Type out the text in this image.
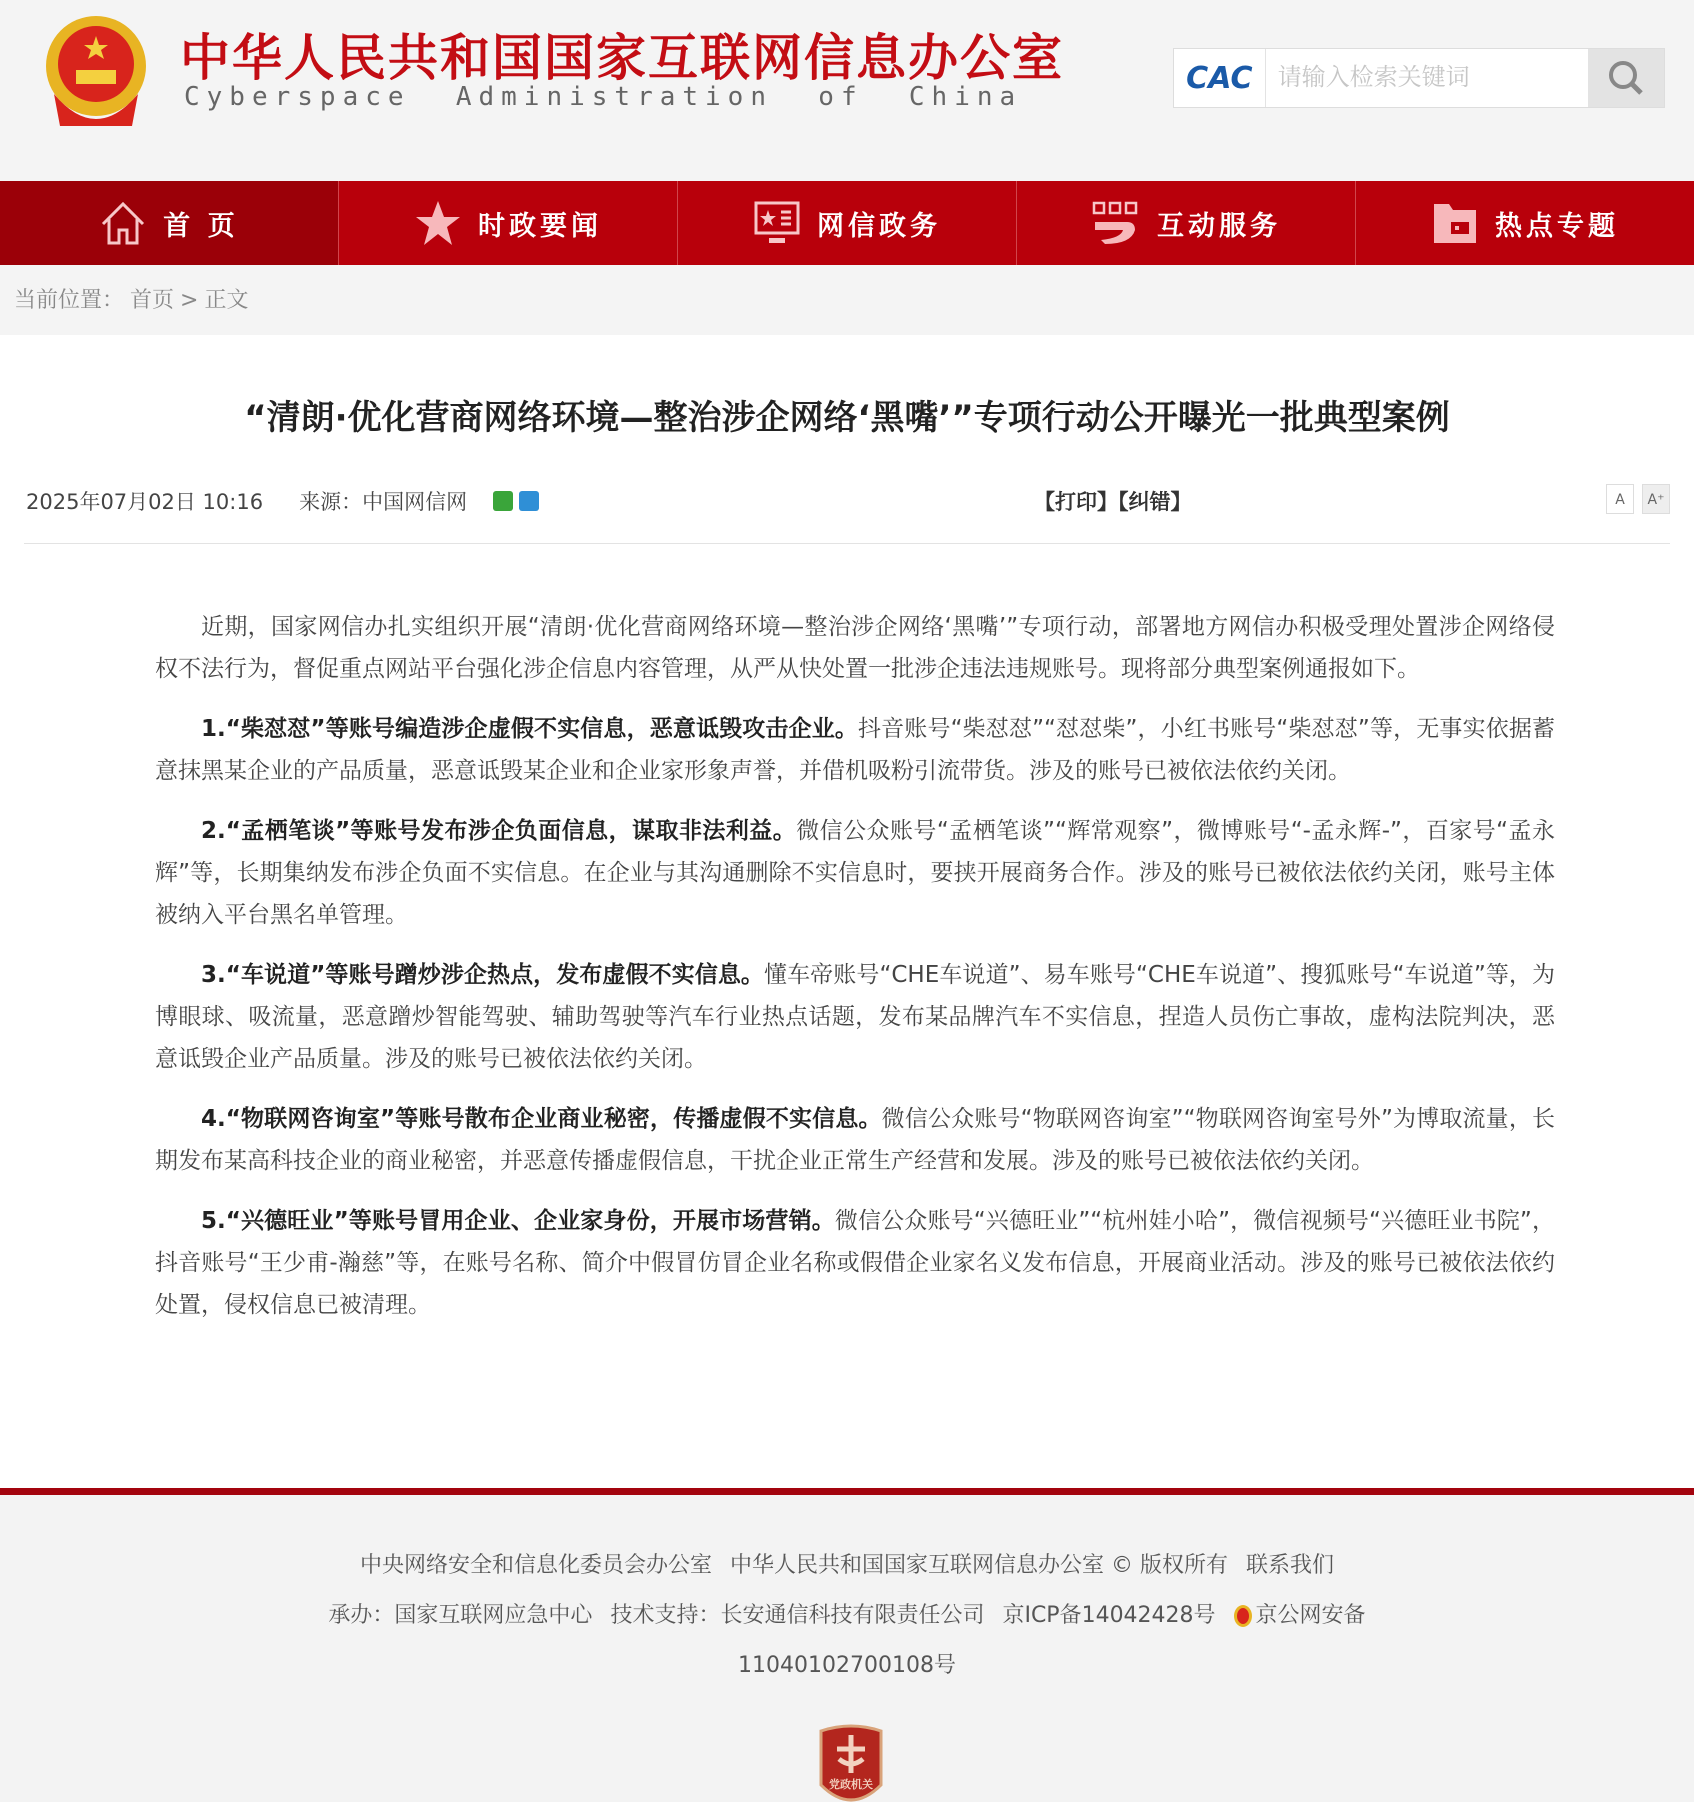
中华人民共和国国家互联网信息办公室
Cyberspace  Administration  of  China
CAC
请输入检索关键词
首 页	时政要闻	网信政务	互动服务	热点专题
当前位置： 首页 > 正文
“清朗·优化营商网络环境—整治涉企网络‘黑嘴’”专项行动公开曝光一批典型案例
2025年07月02日 10:16 来源： 中国网信网	【打印】【纠错】	A	A⁺

近期，国家网信办扎实组织开展“清朗·优化营商网络环境—整治涉企网络‘黑嘴’”专项行动，部署地方网信办积极受理处置涉企网络侵权不法行为，督促重点网站平台强化涉企信息内容管理，从严从快处置一批涉企违法违规账号。现将部分典型案例通报如下。

1.“柴怼怼”等账号编造涉企虚假不实信息，恶意诋毁攻击企业。抖音账号“柴怼怼”“怼怼柴”，小红书账号“柴怼怼”等，无事实依据蓄意抹黑某企业的产品质量，恶意诋毁某企业和企业家形象声誉，并借机吸粉引流带货。涉及的账号已被依法依约关闭。

2.“孟栖笔谈”等账号发布涉企负面信息，谋取非法利益。微信公众账号“孟栖笔谈”“辉常观察”，微博账号“-孟永辉-”，百家号“孟永辉”等，长期集纳发布涉企负面不实信息。在企业与其沟通删除不实信息时，要挟开展商务合作。涉及的账号已被依法依约关闭，账号主体被纳入平台黑名单管理。

3.“车说道”等账号蹭炒涉企热点，发布虚假不实信息。懂车帝账号“CHE车说道”、易车账号“CHE车说道”、搜狐账号“车说道”等，为博眼球、吸流量，恶意蹭炒智能驾驶、辅助驾驶等汽车行业热点话题，发布某品牌汽车不实信息，捏造人员伤亡事故，虚构法院判决，恶意诋毁企业产品质量。涉及的账号已被依法依约关闭。

4.“物联网咨询室”等账号散布企业商业秘密，传播虚假不实信息。微信公众账号“物联网咨询室”“物联网咨询室号外”为博取流量，长期发布某高科技企业的商业秘密，并恶意传播虚假信息，干扰企业正常生产经营和发展。涉及的账号已被依法依约关闭。

5.“兴德旺业”等账号冒用企业、企业家身份，开展市场营销。微信公众账号“兴德旺业”“杭州娃小哈”，微信视频号“兴德旺业书院”，抖音账号“王少甫-瀚慈”等，在账号名称、简介中假冒仿冒企业名称或假借企业家名义发布信息，开展商业活动。涉及的账号已被依法依约处置，侵权信息已被清理。

中央网络安全和信息化委员会办公室 中华人民共和国国家互联网信息办公室 © 版权所有 联系我们
承办：国家互联网应急中心 技术支持：长安通信科技有限责任公司 京ICP备14042428号 京公网安备
11040102700108号
党政机关
